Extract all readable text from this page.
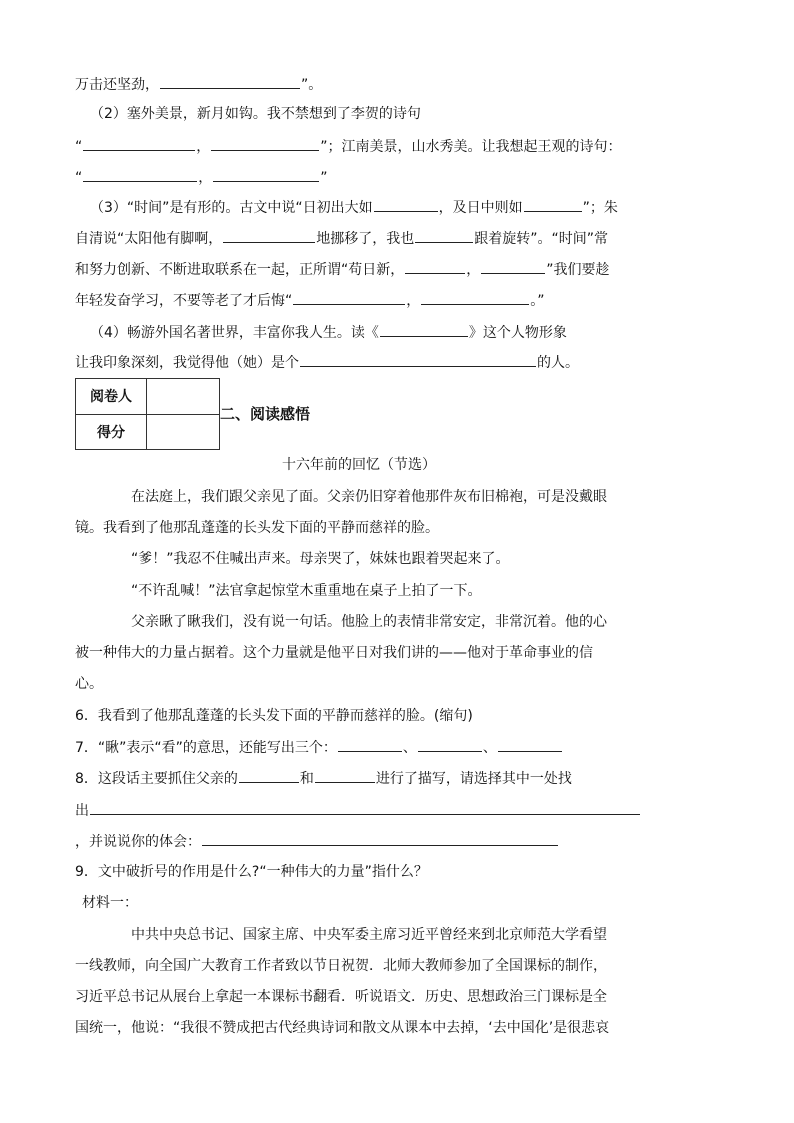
万击还坚劲，	”。
（2）塞外美景，新月如钩。我不禁想到了李贺的诗句
“	，	”；江南美景，山水秀美。让我想起王观的诗句：
“	，	”
（3）“时间”是有形的。古文中说“日初出大如	，及日中则如	”；朱
自清说“太阳他有脚啊，	地挪移了，我也	跟着旋转”。“时间”常
和努力创新、不断进取联系在一起，正所谓“苟日新，	，	”我们要趁
年轻发奋学习，不要等老了才后悔“	，	。”
（4）畅游外国名著世界，丰富你我人生。读《	》这个人物形象
让我印象深刻，我觉得他（她）是个	的人。
阅卷人	
得分	
二、阅读感悟
十六年前的回忆（节选）
在法庭上，我们跟父亲见了面。父亲仍旧穿着他那件灰布旧棉袍，可是没戴眼
镜。我看到了他那乱蓬蓬的长头发下面的平静而慈祥的脸。
“爹！”我忍不住喊出声来。母亲哭了，妹妹也跟着哭起来了。
“不许乱喊！”法官拿起惊堂木重重地在桌子上拍了一下。
父亲瞅了瞅我们，没有说一句话。他脸上的表情非常安定，非常沉着。他的心
被一种伟大的力量占据着。这个力量就是他平日对我们讲的——他对于革命事业的信
心。
6．我看到了他那乱蓬蓬的长头发下面的平静而慈祥的脸。(缩句)
7．“瞅”表示“看”的意思，还能写出三个：	、	、
8．这段话主要抓住父亲的	和	进行了描写，请选择其中一处找
出
，并说说你的体会：
9．文中破折号的作用是什么?“一种伟大的力量”指什么？
材料一：
中共中央总书记、国家主席、中央军委主席习近平曾经来到北京师范大学看望
一线教师，向全国广大教育工作者致以节日祝贺．北师大教师参加了全国课标的制作，
习近平总书记从展台上拿起一本课标书翻看．听说语文．历史、思想政治三门课标是全
国统一，他说：“我很不赞成把古代经典诗词和散文从课本中去掉，‘去中国化’是很悲哀
